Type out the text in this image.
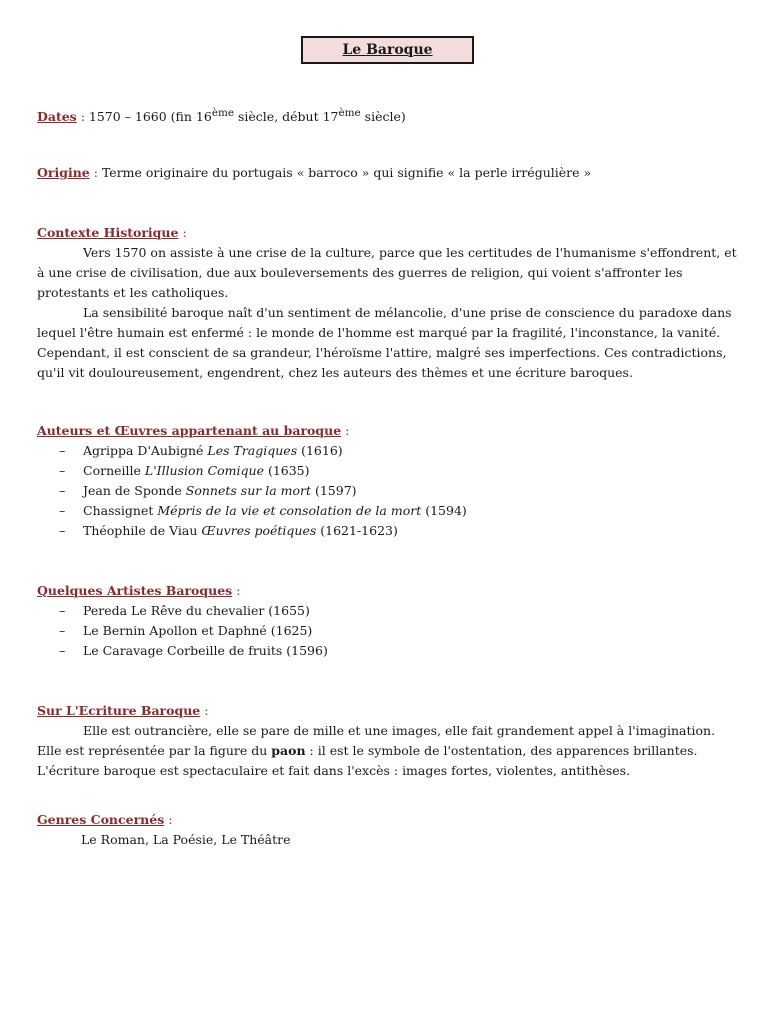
Le Baroque
Dates : 1570 – 1660 (fin 16ème siècle, début 17ème siècle)
Origine : Terme originaire du portugais « barroco » qui signifie « la perle irrégulière »
Contexte Historique :

Vers 1570 on assiste à une crise de la culture, parce que les certitudes de l'humanisme s'effondrent, et à une crise de civilisation, due aux bouleversements des guerres de religion, qui voient s'affronter les protestants et les catholiques.

La sensibilité baroque naît d'un sentiment de mélancolie, d'une prise de conscience du paradoxe dans lequel l'être humain est enfermé : le monde de l'homme est marqué par la fragilité, l'inconstance, la vanité. Cependant, il est conscient de sa grandeur, l'héroïsme l'attire, malgré ses imperfections. Ces contradictions, qu'il vit douloureusement, engendrent, chez les auteurs des thèmes et une écriture baroques.

Auteurs et Œuvres appartenant au baroque :
– Agrippa D'Aubigné Les Tragiques (1616)
– Corneille L'Illusion Comique (1635)
– Jean de Sponde Sonnets sur la mort (1597)
– Chassignet Mépris de la vie et consolation de la mort (1594)
– Théophile de Viau Œuvres poétiques (1621-1623)
Quelques Artistes Baroques :
– Pereda Le Rêve du chevalier (1655)
– Le Bernin Apollon et Daphné (1625)
– Le Caravage Corbeille de fruits (1596)
Sur L'Ecriture Baroque :

Elle est outrancière, elle se pare de mille et une images, elle fait grandement appel à l'imagination. Elle est représentée par la figure du paon : il est le symbole de l'ostentation, des apparences brillantes. L'écriture baroque est spectaculaire et fait dans l'excès : images fortes, violentes, antithèses.

Genres Concernés :
Le Roman, La Poésie, Le Théâtre
